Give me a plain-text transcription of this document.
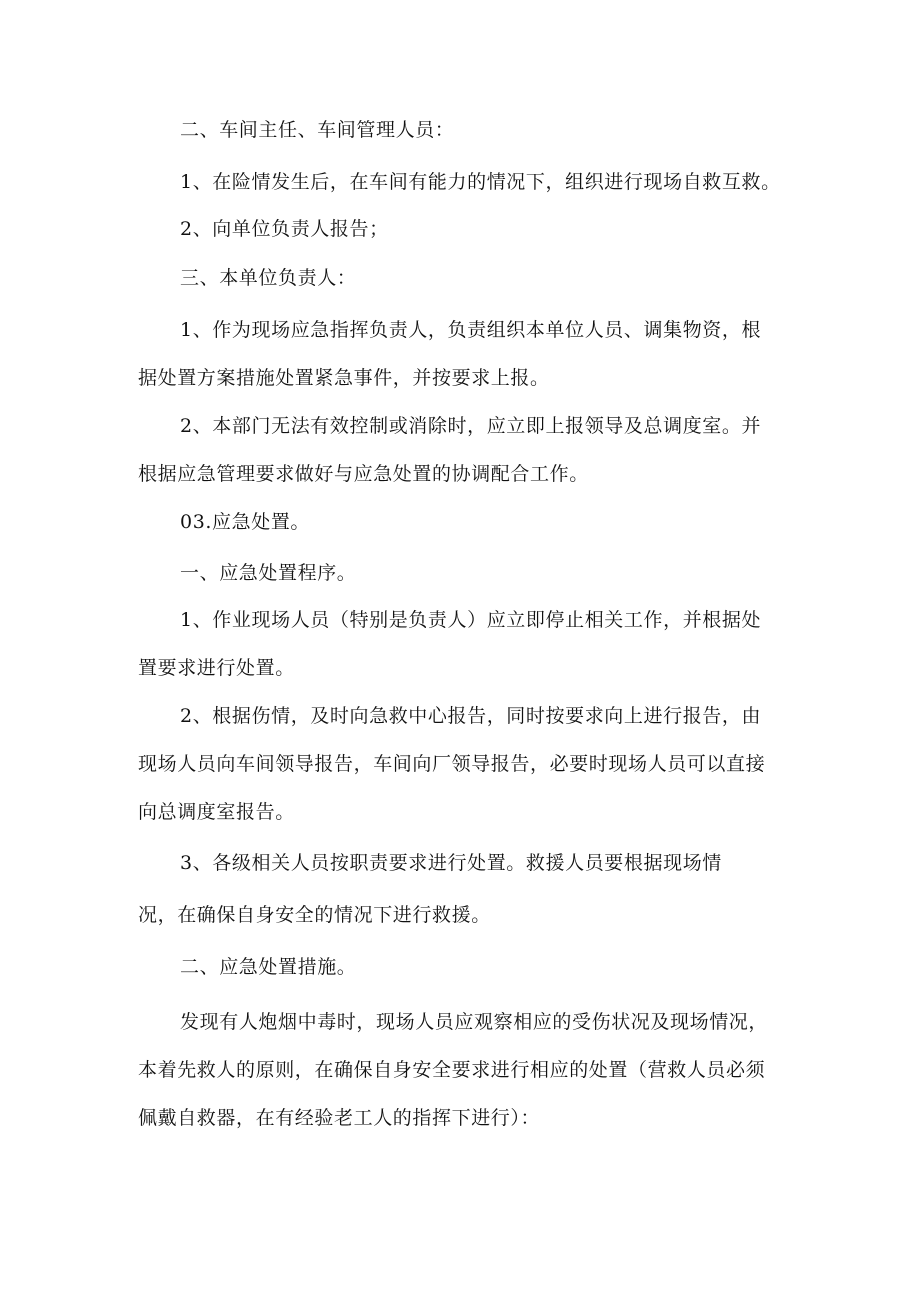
二、车间主任、车间管理人员：
1、在险情发生后，在车间有能力的情况下，组织进行现场自救互救。
2、向单位负责人报告；
三、本单位负责人：
1、作为现场应急指挥负责人，负责组织本单位人员、调集物资，根
据处置方案措施处置紧急事件，并按要求上报。
2、本部门无法有效控制或消除时，应立即上报领导及总调度室。并
根据应急管理要求做好与应急处置的协调配合工作。
03.应急处置。
一、应急处置程序。
1、作业现场人员（特别是负责人）应立即停止相关工作，并根据处
置要求进行处置。
2、根据伤情，及时向急救中心报告，同时按要求向上进行报告，由
现场人员向车间领导报告，车间向厂领导报告，必要时现场人员可以直接
向总调度室报告。
3、各级相关人员按职责要求进行处置。救援人员要根据现场情
况，在确保自身安全的情况下进行救援。
二、应急处置措施。
发现有人炮烟中毒时，现场人员应观察相应的受伤状况及现场情况，
本着先救人的原则，在确保自身安全要求进行相应的处置（营救人员必须
佩戴自救器，在有经验老工人的指挥下进行）：
